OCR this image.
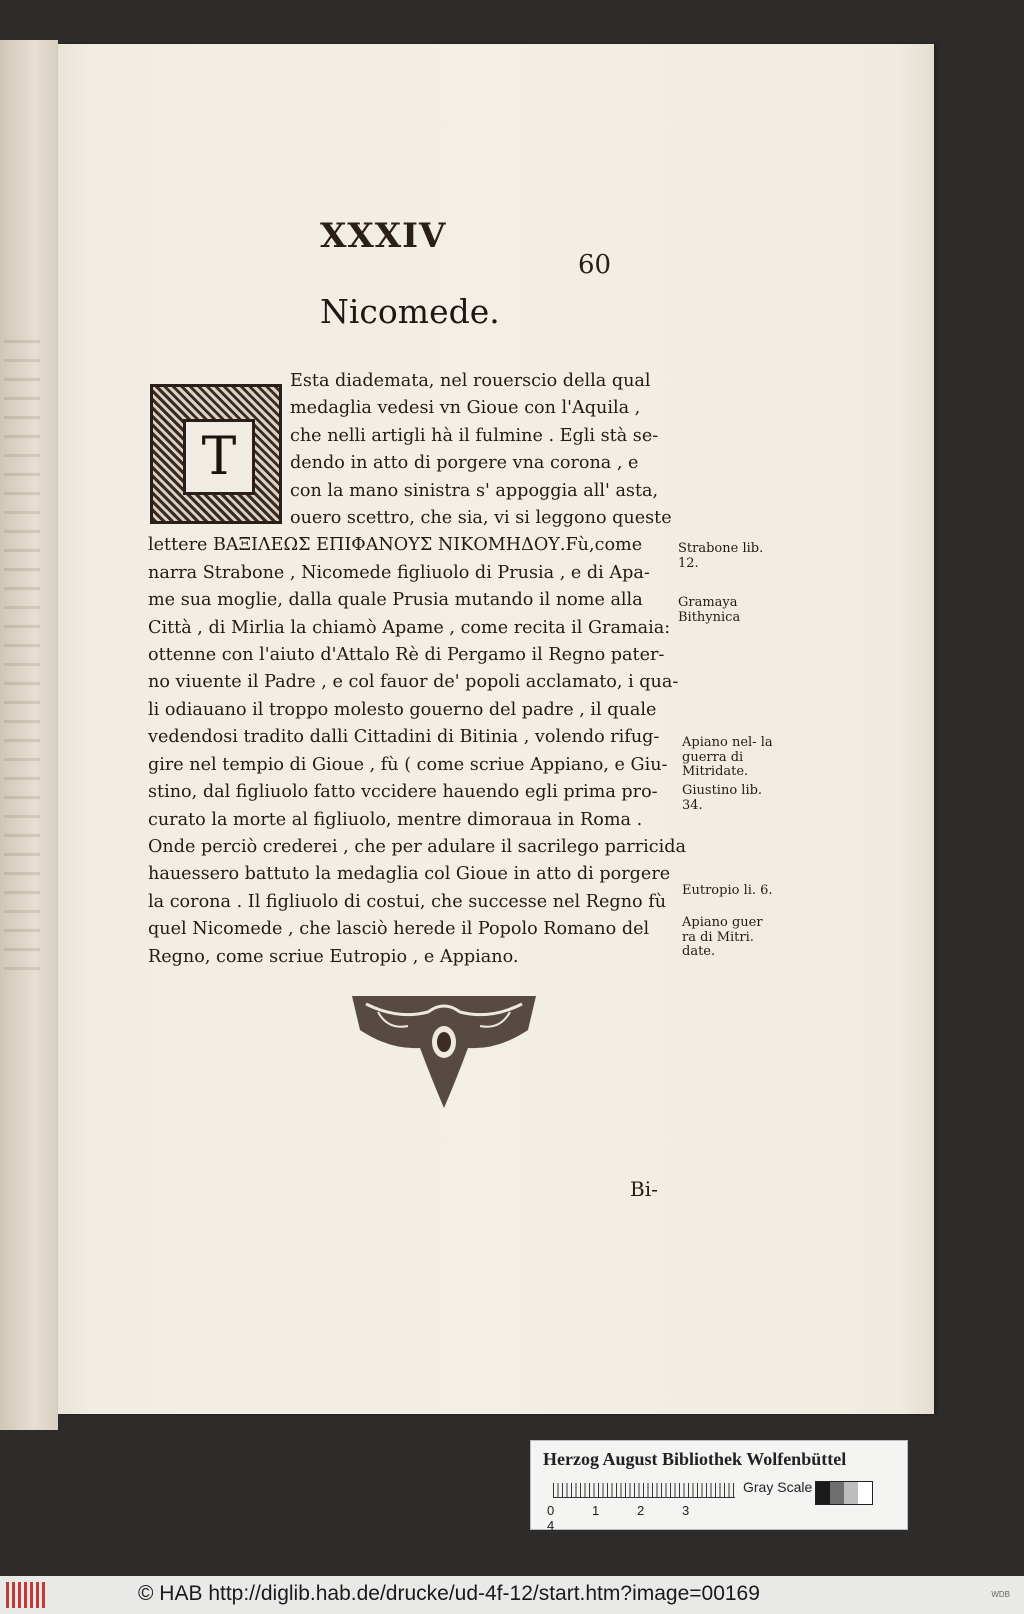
XXXIV
60
Nicomede.
T

Esta diademata, nel rouerscio della qual
medaglia vedesi vn Gioue con l'Aquila ,
che nelli artigli hà il fulmine . Egli stà se-
dendo in atto di porgere vna corona , e
con la mano sinistra s' appoggia all' asta,
ouero scettro, che sia, vi si leggono queste
lettere ΒΑΞΙΛΕΩΣ ΕΠΙΦΑΝΟΥΣ ΝΙΚΟΜΗΔΟΥ.Fù,come
narra Strabone , Nicomede figliuolo di Prusia , e di Apa-
me sua moglie, dalla quale Prusia mutando il nome alla
Città , di Mirlia la chiamò Apame , come recita il Gramaia:
ottenne con l'aiuto d'Attalo Rè di Pergamo il Regno pater-
no viuente il Padre , e col fauor de' popoli acclamato, i qua-
li odiauano il troppo molesto gouerno del padre , il quale
vedendosi tradito dalli Cittadini di Bitinia , volendo rifug-
gire nel tempio di Gioue , fù ( come scriue Appiano, e Giu-
stino, dal figliuolo fatto vccidere hauendo egli prima pro-
curato la morte al figliuolo, mentre dimoraua in Roma .
Onde perciò crederei , che per adulare il sacrilego parricida
hauessero battuto la medaglia col Gioue in atto di porgere
la corona . Il figliuolo di costui, che successe nel Regno fù
quel Nicomede , che lasciò herede il Popolo Romano del
Regno, come scriue Eutropio , e Appiano.

Strabone lib. 12.
Gramaya Bithynica
Apiano nel- la guerra di Mitridate.
Giustino lib. 34.
Eutropio li. 6.
Apiano guer ra di Mitri. date.
Bi-
Herzog August Bibliothek Wolfenbüttel
0	1	2	34
Gray Scale
© HAB http://diglib.hab.de/drucke/ud-4f-12/start.htm?image=00169	WDB
